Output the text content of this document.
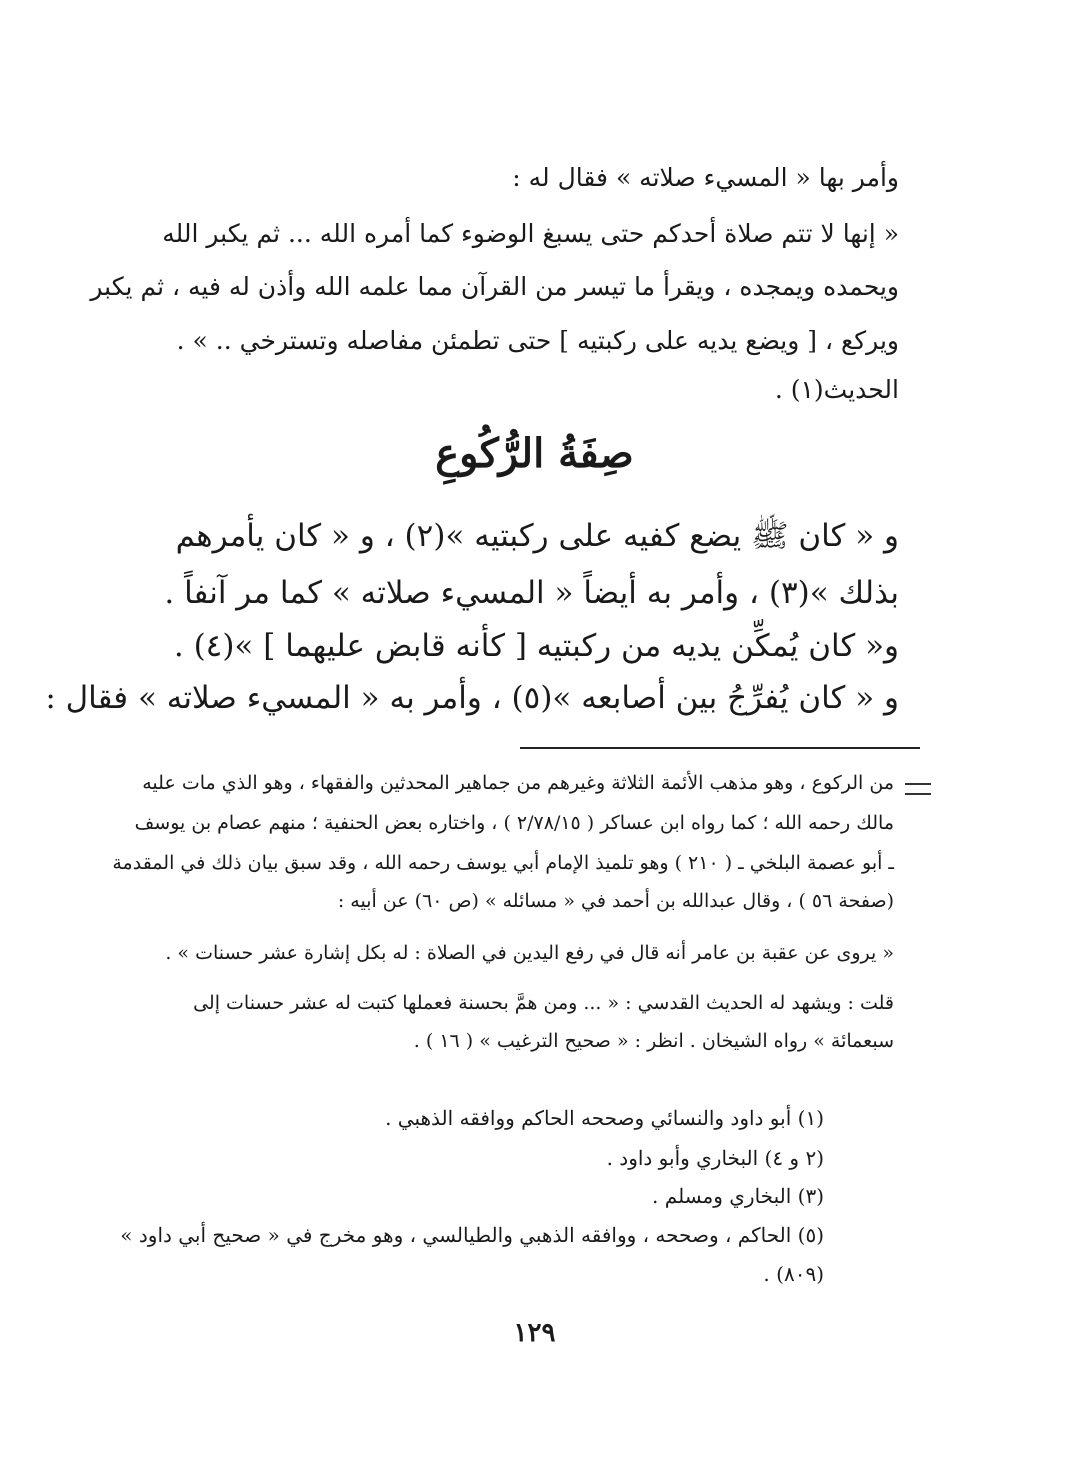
وأمر بها « المسيء صلاته » فقال له :
« إنها لا تتم صلاة أحدكم حتى يسبغ الوضوء كما أمره الله ... ثم يكبر الله
ويحمده ويمجده ، ويقرأ ما تيسر من القرآن مما علمه الله وأذن له فيه ، ثم يكبر
ويركع ، [ ويضع يديه على ركبتيه ] حتى تطمئن مفاصله وتسترخي .. » .
الحديث(١) .
صِفَةُ الرُّكُوعِ
و « كان ﷺ يضع كفيه على ركبتيه »(٢) ، و « كان يأمرهم
بذلك »(٣) ، وأمر به أيضاً « المسيء صلاته » كما مر آنفاً .
و« كان يُمكِّن يديه من ركبتيه [ كأنه قابض عليهما ] »(٤) .
و « كان يُفرِّجُ بين أصابعه »(٥) ، وأمر به « المسيء صلاته » فقال :
من الركوع ، وهو مذهب الأئمة الثلاثة وغيرهم من جماهير المحدثين والفقهاء ، وهو الذي مات عليه
مالك رحمه الله ؛ كما رواه ابن عساكر ( ٢/٧٨/١٥ ) ، واختاره بعض الحنفية ؛ منهم عصام بن يوسف
ـ أبو عصمة البلخي ـ ( ٢١٠ ) وهو تلميذ الإمام أبي يوسف رحمه الله ، وقد سبق بيان ذلك في المقدمة
(صفحة ٥٦ ) ، وقال عبدالله بن أحمد في « مسائله » (ص ٦٠) عن أبيه :
« يروى عن عقبة بن عامر أنه قال في رفع اليدين في الصلاة : له بكل إشارة عشر حسنات » .
قلت : ويشهد له الحديث القدسي : « ... ومن همَّ بحسنة فعملها كتبت له عشر حسنات إلى
سبعمائة » رواه الشيخان . انظر : « صحيح الترغيب » ( ١٦ ) .
(١) أبو داود والنسائي وصححه الحاكم ووافقه الذهبي .
(٢ و ٤) البخاري وأبو داود .
(٣) البخاري ومسلم .
(٥) الحاكم ، وصححه ، ووافقه الذهبي والطيالسي ، وهو مخرج في « صحيح أبي داود »
(٨٠٩) .
١٢٩
